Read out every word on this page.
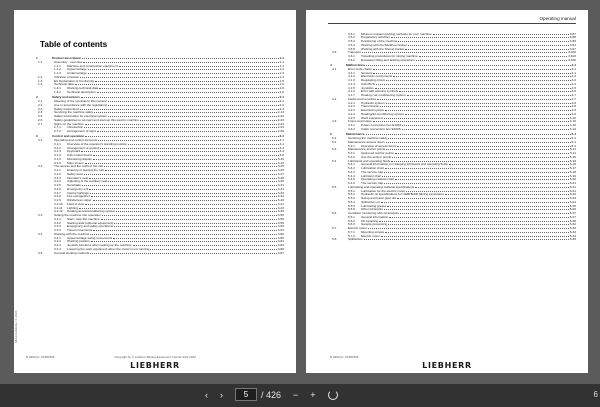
Table of contents
1	Product description	1-1
1.1	Assembly - overview	1-1
1.1.1	Machine and construction equipment	1-1
1.1.2	Uppercarriage	1-2
1.1.3	Undercarriage	1-3
1.2	Vibration emission	1-3
1.3	EC Declaration of Conformity	1-5
1.4	Technical data	1-6
1.4.1	Working technical data	1-6
1.4.2	Technical description	1-6
2	Safety instructions	2-1
2.1	Meaning of the symbols in this manual	2-1
2.2	Use in accordance with the regulations	2-2
2.3	Safety instructions	2-3
2.4	Servicing the machine safely	2-14
2.5	Safety information for electrical system	2-22
2.6	Safety guidelines to connect and start-up this electric machine	2-23
2.7	Signs on the machine	2-24
2.7.1	Introduction	2-24
2.7.2	Arrangement of signs	2-26
3	Control and operation	3-1
3.1	Operating and control elements	3-1
3.1.1	Overview of the operator's standing position	3-1
3.1.2	Arrangement of joystick	3-3
3.1.3	Keyboard	3-4
3.1.4	Cab control board	3-8
3.1.5	Monitoring display	3-10
3.1.6	Main screen	3-12
3.2	The access and the outfit of the cab	3-25
3.2.1	Entering or leaving the cab	3-25
3.2.2	Safety lever	3-27
3.2.3	Operator's seat	3-28
3.2.4	Adjusting of the auxiliary seat	3-30
3.2.5	Sunshade	3-31
3.2.6	Emergency exit	3-31
3.2.7	Interior lightings	3-33
3.2.8	Fire extinguisher	3-34
3.2.9	Windscreen wiper	3-40
3.2.10	Field of view	3-41
3.2.11	Lighting	3-43
3.2.12	Heating and airconditioning system	3-45
3.3	Setting the machine into operation	3-55
3.3.1	Start / stop the machine	3-55
3.3.2	Starting aids (optional equipment)	3-59
3.3.3	Emergency and safety operations	3-59
3.3.4	Travel movements	3-63
3.4	Working with the machine	3-80
3.4.1	Uppercarriage swing movements	3-80
3.4.2	Working position	3-81
3.4.3	Joystick functions when setting up the machine	3-84
3.4.4	Lowering the work equipment when the motor is not running	3-86
3.5	General working methods	3-87
MDuOneMedia / © 2020
R 9350 E / 10360369	Copyright by © Liebherr-Mining Equipment Colmar SAS 2020
LIEBHERR
Operating manual
3.5.1	Minimum impact working methods for your machine	3-87
3.5.2	Preparatory activities	3-88
3.5.3	Positioning of the machine	3-89
3.5.4	Working with the Backhoe bucket	3-91
3.5.5	Working with the Shovel bucket	3-97
3.6	Transport	3-100
3.6.1	Travelling procedures for mining machine	3-100
3.6.2	Excavator lifting and lashing operations	3-100
4	Malfunctions	4-1
4.1	Error code charts	4-1
4.1.1	Sensors	4-1
4.1.2	Electronic components	4-4
4.1.3	Regulating circuit	4-4
4.1.4	CAN BUS	4-4
4.1.5	Joysticks	4-5
4.1.6	Error with warning symbols	4-6
4.1.7	Heating / air conditioning system	4-7
4.2	Faults and remedies	4-7
4.2.1	Hydraulic system	4-8
4.2.2	Transmission	4-8
4.2.3	Electrical system	4-9
4.2.4	Heating/air-conditioning system	4-9
4.2.5	Work equipment	4-10
4.3	Fuses and relays	4-10
4.3.1	Power connection box E1003	4-10
4.3.2	Cabin connection box E1005	4-14
5	Maintenance	5-1
5.1	Servicing the machine safely	5-1
5.2	Maintenance access doors	5-1
5.2.1	Overview of access doors	5-1
5.3	Maintenance anchor points	5-11
5.3.1	Approved anchor points	5-11
5.3.2	Use the anchor points	5-15
5.4	Lubricants and operating fluids	5-16
5.4.1	General information on changing lubricants and operating fluids	5-16
5.4.2	Lubrication chart	5-17
5.4.3	The service trap	5-18
5.4.4	Lubricant chart	5-19
5.4.5	Operating material chart	5-20
5.4.6	The service trap	5-21
5.5	Lubricating and operating material specifications	5-21
5.5.1	Lubrication for the electric motor	5-21
5.5.2	Hydraulic oil specifications for LIEBHERR Mining excavators	5-23
5.5.3	Swing and travel gear oils	5-23
5.5.4	Splitterbox oil	5-24
5.5.5	Lubricating grease	5-25
5.5.6	Other lubricants	5-26
5.6	Condition monitoring with oil analysis	5-27
5.6.1	General information	5-27
5.6.2	Oil sampling	5-28
5.6.3	Sample processing	5-32
5.7	Electric motor	5-33
5.7.1	Mounting screws	5-33
5.7.2	Electric motor	5-34
5.8	Splitterbox	5-45
R 9350 E / 10360369
LIEBHERR
‹ ›	5	/ 426 − +	6
